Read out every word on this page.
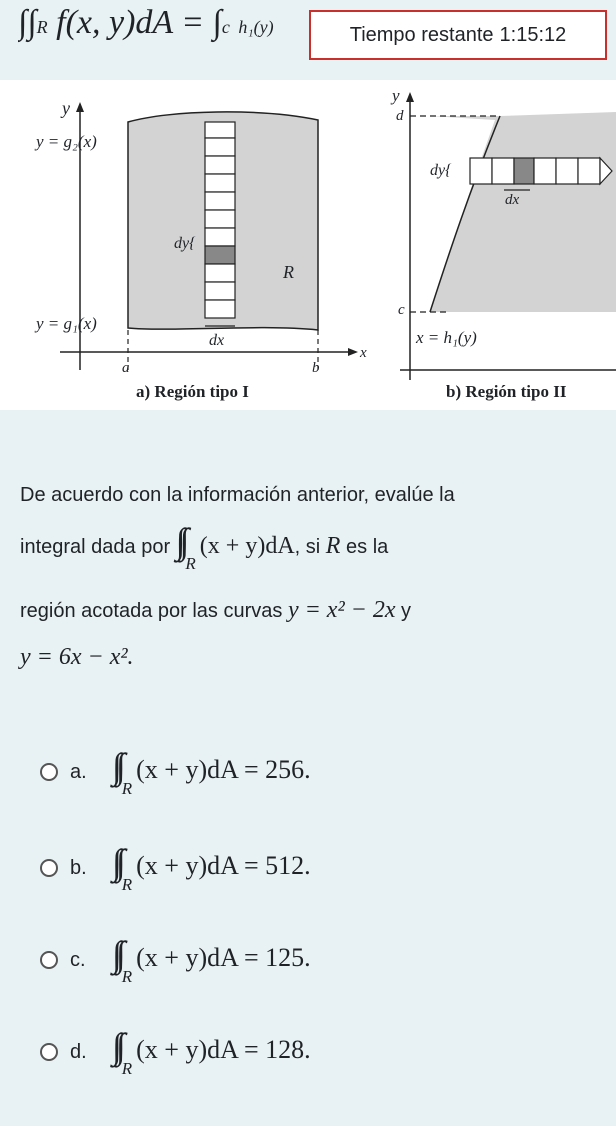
∫∫R f(x, y)dA = ∫c h₁(y)	Tiempo restante 1:15:12
y
y = g₂(x)
y = g₁(x)
R
dy{
dx
a	b
x
a) Región tipo I
y
d
c
dy{
dx
x = h₁(y)
b) Región tipo II
De acuerdo con la información anterior, evalúe la
integral dada por $\int\int_R(x + y)dA$, si R es la
región acotada por las curvas y = x² − 2x y
y = 6x − x².
a. $\int\int_R(x + y)dA = 256$.
b. $\int\int_R(x + y)dA = 512$.
c. $\int\int_R(x + y)dA = 125$.
d. $\int\int_R(x + y)dA = 128$.
